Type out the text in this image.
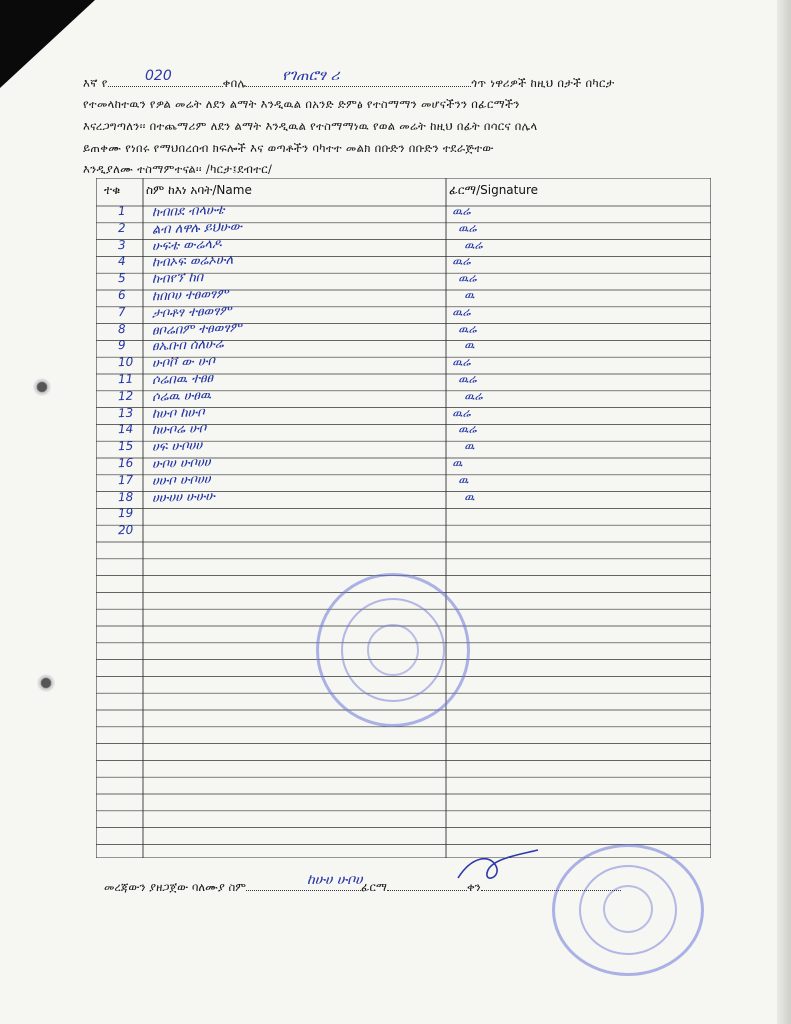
እኛ የ	ቀበሌ	ጎጥ ነዋሪዎች ከዚህ በታች በካርታ
020	የገጠሮፃ ሪ
የተመላከተዉን የዎል መሬት ለደን ልማት እንዲዉል በአንድ ድምፅ የተስማማን መሆናችንን በፊርማችን
እናረጋግጣለን፡፡ በተጨማሪም ለደን ልማት እንዲዉል የተስማማነዉ የወል መሬት ከዚህ በፊት በሳርና በሌላ
ይጠቀሙ የነበሩ የማህበረሰብ ክፍሎች እና ወጣቶችን ባካተተ መልክ በቡድን በቡድን ተደራጅተው
እንዲያለሙ ተስማምተናል፡፡ /ካርታ፤ደብተር/
ተቁ ስም ከእነ አባት/Name	ፊርማ/Signature
1 ከብበደ ብላሁቴ	ዉሬ
2 ልብ ለዋሉ ይህሁው	ዉሬ
3 ሁፍቴ ውሬላዶ	ዉሬ
4 ከብኦፍ ወሬኦሁለ	ዉሬ
5 ከብየኘ ከበ	ዉሬ
6 ከበቦሀ ተፀወፃም	ዉ
7 ታቦቶፃ ተፀወፃም	ዉሬ
8 ፀቦሬበም ተፀወፃም	ዉሬ
9 ፀኤቡበ ሰለሁሬ	ዉ
10 ሁቦቮ ው ሁቦ	ዉሬ
11 ሶሬበዉ ተፀፀ	ዉሬ
12 ሶሬዉ ሁፀዉ	ዉሬ
13 ከሁቦ ከሁቦ	ዉሬ
14 ከሁቦሬ ሁቦ	ዉሬ
15 ሀፍ ሁቦሀሀ	ዉ
16 ሁቦሀ ሁቦሀሀ	ዉ
17 ሀሁቦ ሁቦሀሀ	ዉ
18 ሀሁሀሀ ሁሁሁ	ዉ
19
20
መረጃውን ያዘጋጀው ባለሙያ ስም	ፊርማ	ቀን
ከሁሀ ሁቦሀ
